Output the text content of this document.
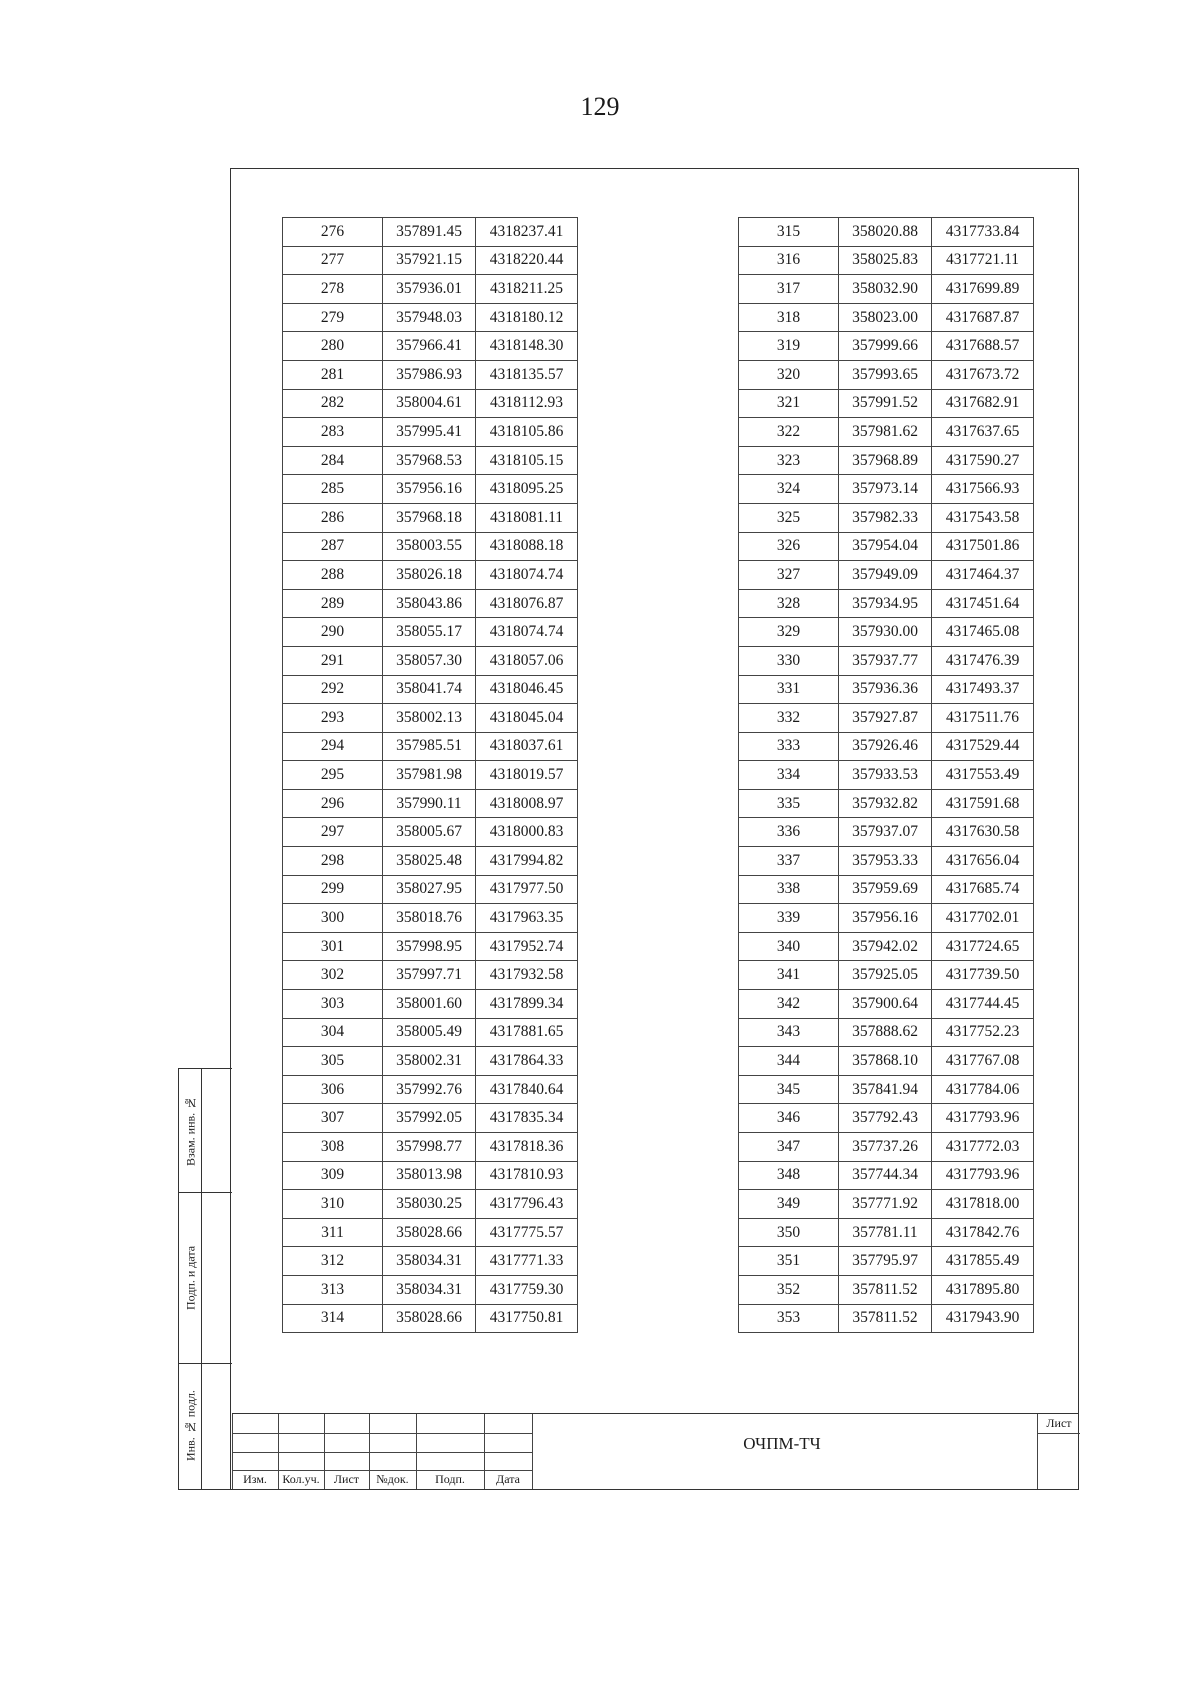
129
276	357891.45	4318237.41
277	357921.15	4318220.44
278	357936.01	4318211.25
279	357948.03	4318180.12
280	357966.41	4318148.30
281	357986.93	4318135.57
282	358004.61	4318112.93
283	357995.41	4318105.86
284	357968.53	4318105.15
285	357956.16	4318095.25
286	357968.18	4318081.11
287	358003.55	4318088.18
288	358026.18	4318074.74
289	358043.86	4318076.87
290	358055.17	4318074.74
291	358057.30	4318057.06
292	358041.74	4318046.45
293	358002.13	4318045.04
294	357985.51	4318037.61
295	357981.98	4318019.57
296	357990.11	4318008.97
297	358005.67	4318000.83
298	358025.48	4317994.82
299	358027.95	4317977.50
300	358018.76	4317963.35
301	357998.95	4317952.74
302	357997.71	4317932.58
303	358001.60	4317899.34
304	358005.49	4317881.65
305	358002.31	4317864.33
306	357992.76	4317840.64
307	357992.05	4317835.34
308	357998.77	4317818.36
309	358013.98	4317810.93
310	358030.25	4317796.43
311	358028.66	4317775.57
312	358034.31	4317771.33
313	358034.31	4317759.30
314	358028.66	4317750.81
315	358020.88	4317733.84
316	358025.83	4317721.11
317	358032.90	4317699.89
318	358023.00	4317687.87
319	357999.66	4317688.57
320	357993.65	4317673.72
321	357991.52	4317682.91
322	357981.62	4317637.65
323	357968.89	4317590.27
324	357973.14	4317566.93
325	357982.33	4317543.58
326	357954.04	4317501.86
327	357949.09	4317464.37
328	357934.95	4317451.64
329	357930.00	4317465.08
330	357937.77	4317476.39
331	357936.36	4317493.37
332	357927.87	4317511.76
333	357926.46	4317529.44
334	357933.53	4317553.49
335	357932.82	4317591.68
336	357937.07	4317630.58
337	357953.33	4317656.04
338	357959.69	4317685.74
339	357956.16	4317702.01
340	357942.02	4317724.65
341	357925.05	4317739.50
342	357900.64	4317744.45
343	357888.62	4317752.23
344	357868.10	4317767.08
345	357841.94	4317784.06
346	357792.43	4317793.96
347	357737.26	4317772.03
348	357744.34	4317793.96
349	357771.92	4317818.00
350	357781.11	4317842.76
351	357795.97	4317855.49
352	357811.52	4317895.80
353	357811.52	4317943.90
Взам. инв. №
Подп. и дата
Инв. № подл.
Изм.	Кол.уч.	Лист	№док.	Подп.	Дата
ОЧПМ-ТЧ
Лист
